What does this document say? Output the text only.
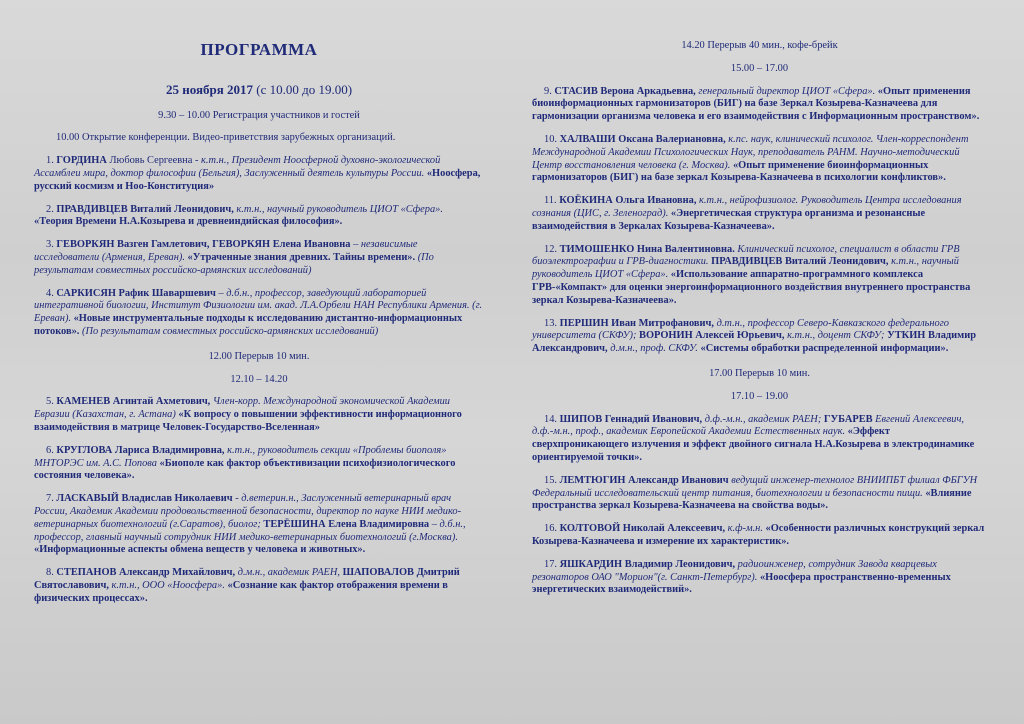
ПРОГРАММА
25 ноября 2017 (с 10.00 до 19.00)

9.30 – 10.00 Регистрация участников и гостей

10.00 Открытие конференции. Видео-приветствия зарубежных организаций.

1. ГОРДИНА Любовь Сергеевна - к.т.н., Президент Ноосферной духовно-экологической Ассамблеи мира, доктор философии (Бельгия), Заслуженный деятель культуры России. «Ноосфера, русский космизм и Ноо-Конституция»

2. ПРАВДИВЦЕВ Виталий Леонидович, к.т.н., научный руководитель ЦИОТ «Сфера». «Теория Времени Н.А.Козырева и древнеиндийская философия».

3. ГЕВОРКЯН Вазген Гамлетович, ГЕВОРКЯН Елена Ивановна – независимые исследователи (Армения, Ереван). «Утраченные знания древних. Тайны времени». (По результатам совместных российско-армянских исследований)

4. САРКИСЯН Рафик Шаваршевич – д.б.н., профессор, заведующий лабораторией интегративной биологии, Институт Физиологии им. акад. Л.А.Орбели НАН Республики Армения. (г. Ереван). «Новые инструментальные подходы к исследованию дистантно-информационных потоков». (По результатам совместных российско-армянских исследований)

12.00 Перерыв 10 мин.

12.10 – 14.20

5. КАМЕНЕВ Агинтай Ахметович, Член-корр. Международной экономической Академии Евразии (Казахстан, г. Астана) «К вопросу о повышении эффективности информационного взаимодействия в матрице Человек-Государство-Вселенная»

6. КРУГЛОВА Лариса Владимировна, к.т.н., руководитель секции «Проблемы биополя» МНТОРЭС им. А.С. Попова «Биополе как фактор объективизации психофизиологического состояния человека».

7. ЛАСКАВЫЙ Владислав Николаевич - д.ветерин.н., Заслуженный ветеринарный врач России, Академик Академии продовольственной безопасности, директор по науке НИИ медико-ветеринарных биотехнологий (г.Саратов), биолог; ТЕРЁШИНА Елена Владимировна – д.б.н., профессор, главный научный сотрудник НИИ медико-ветеринарных биотехнологий (г.Москва). «Информационные аспекты обмена веществ у человека и животных».

8. СТЕПАНОВ Александр Михайлович, д.м.н., академик РАЕН, ШАПОВАЛОВ Дмитрий Святославович, к.т.н., ООО «Ноосфера». «Сознание как фактор отображения времени в физических процессах».

14.20 Перерыв 40 мин., кофе-брейк

15.00 – 17.00

9. СТАСИВ Верона Аркадьевна, генеральный директор ЦИОТ «Сфера». «Опыт применения биоинформационных гармонизаторов (БИГ) на базе Зеркал Козырева-Казначеева для гармонизации организма человека и его взаимодействия с Информационным пространством».

10. ХАЛВАШИ Оксана Валериановна, к.пс. наук, клинический психолог. Член-корреспондент Международной Академии Психологических Наук, преподаватель РАНМ. Научно-методический Центр восстановления человека (г. Москва). «Опыт применение биоинформационных гармонизаторов (БИГ) на базе зеркал Козырева-Казначеева в психологии конфликтов».

11. КОЁКИНА Ольга Ивановна, к.т.н., нейрофизиолог. Руководитель Центра исследования сознания (ЦИС, г. Зеленоград). «Энергетическая структура организма и резонансные взаимодействия в Зеркалах Козырева-Казначеева».

12. ТИМОШЕНКО Нина Валентиновна. Клинический психолог, специалист в области ГРВ биоэлектрографии и ГРВ-диагностики. ПРАВДИВЦЕВ Виталий Леонидович, к.т.н., научный руководитель ЦИОТ «Сфера». «Использование аппаратно-программного комплекса ГРВ-«Компакт» для оценки энергоинформационного воздействия внутреннего пространства зеркал Козырева-Казначеева».

13. ПЕРШИН Иван Митрофанович, д.т.н., профессор Северо-Кавказского федерального университета (СКФУ); ВОРОНИН Алексей Юрьевич, к.т.н., доцент СКФУ; УТКИН Владимир Александрович, д.м.н., проф. СКФУ. «Системы обработки распределенной информации».

17.00 Перерыв 10 мин.

17.10 – 19.00

14. ШИПОВ Геннадий Иванович, д.ф.-м.н., академик РАЕН; ГУБАРЕВ Евгений Алексеевич, д.ф.-м.н., проф., академик Европейской Академии Естественных наук. «Эффект сверхпроникающего излучения и эффект двойного сигнала Н.А.Козырева в электродинамике ориентируемой точки».

15. ЛЕМТЮГИН Александр Иванович ведущий инженер-технолог ВНИИПБТ филиал ФБГУН Федеральный исследовательский центр питания, биотехнологии и безопасности пищи. «Влияние пространства зеркал Козырева-Казначеева на свойства воды».

16. КОЛТОВОЙ Николай Алексеевич, к.ф-м.н. «Особенности различных конструкций зеркал Козырева-Казначеева и измерение их характеристик».

17. ЯШКАРДИН Владимир Леонидович, радиоинженер, сотрудник Завода кварцевых резонаторов ОАО "Морион"(г. Санкт-Петербург). «Ноосфера пространственно-временных энергетических взаимодействий».
